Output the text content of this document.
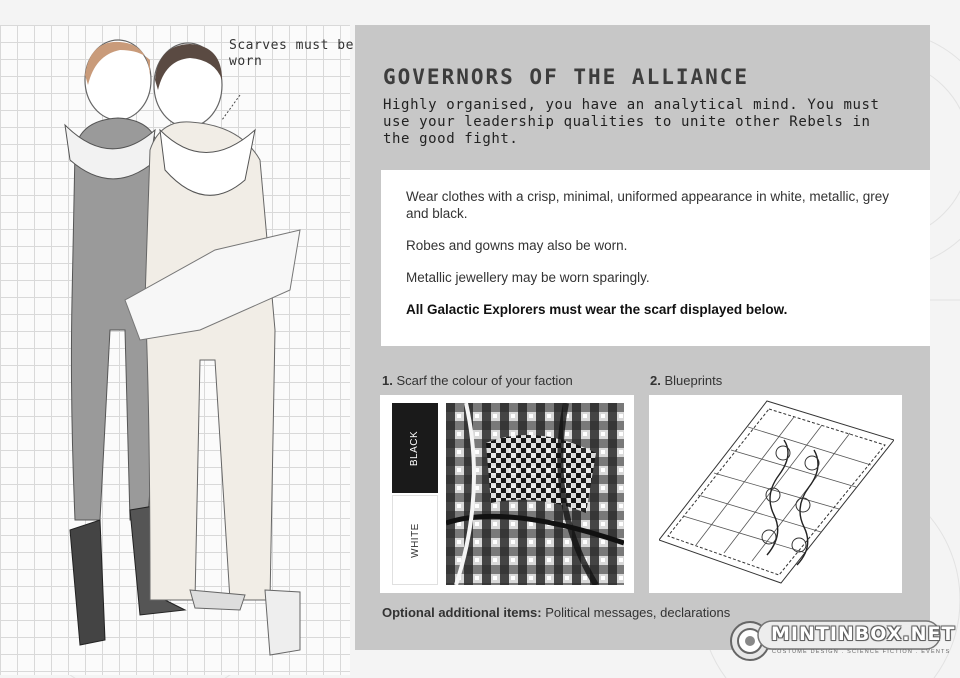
Scarves must be worn
GOVERNORS OF THE ALLIANCE
Highly organised, you have an analytical mind. You must use your leadership qualities to unite other Rebels in the good fight.

Wear clothes with a crisp, minimal, uniformed appearance in white, metallic, grey and black.

Robes and gowns may also be worn.

Metallic jewellery may be worn sparingly.

All Galactic Explorers must wear the scarf displayed below.

1. Scarf the colour of your faction	2. Blueprints
BLACK
WHITE
Optional additional items: Political messages, declarations
MINTINBOX.NET
COSTUME DESIGN . SCIENCE FICTION . EVENTS
